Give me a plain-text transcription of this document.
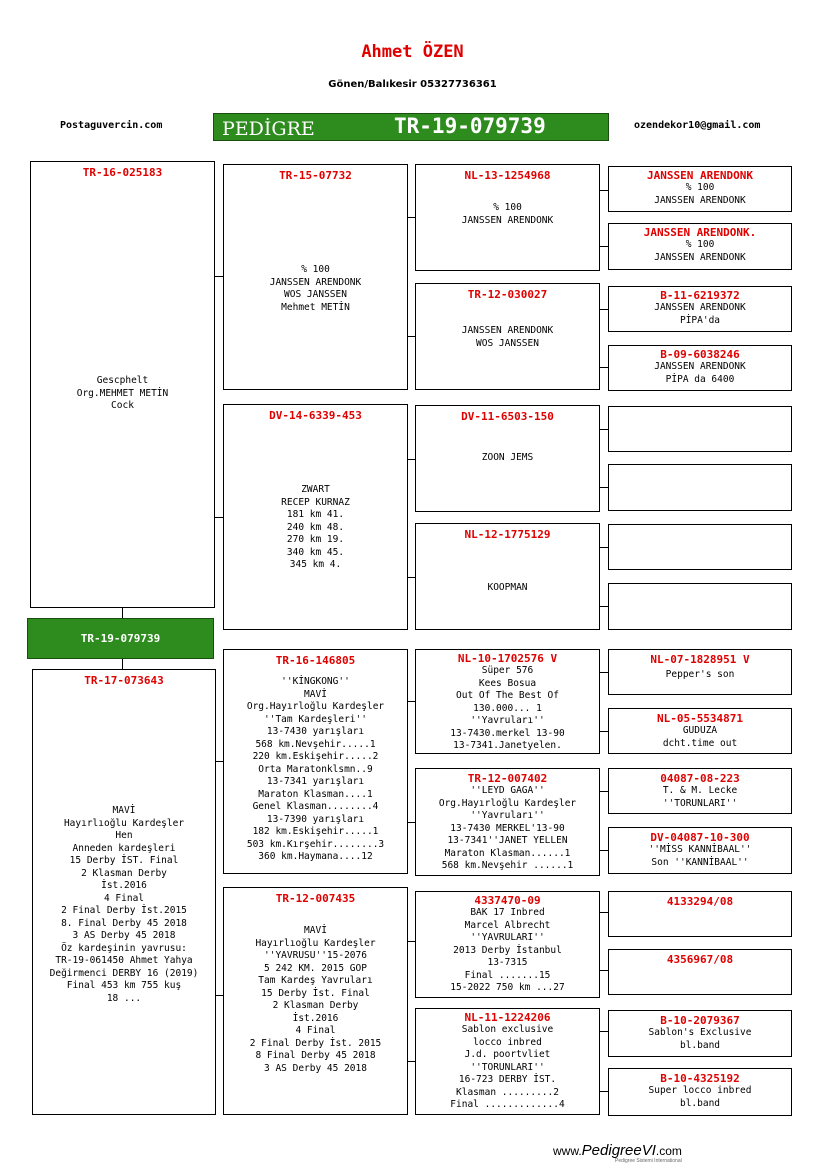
Ahmet ÖZEN
Gönen/Balıkesir 05327736361
Postaguvercin.com	ozendekor10@gmail.com
PEDİGRE	TR-19-079739
TR-16-025183
Gescphelt
Org.MEHMET METİN
Cock
TR-19-079739
TR-17-073643
MAVİ
Hayırlıoğlu Kardeşler
Hen
Anneden kardeşleri
15 Derby İST. Final
2 Klasman Derby
İst.2016
4 Final
2 Final Derby İst.2015
8. Final Derby 45 2018
3 AS Derby 45 2018
Öz kardeşinin yavrusu:
TR-19-061450 Ahmet Yahya
Değirmenci DERBY 16 (2019)
Final 453 km 755 kuş
18 ...
TR-15-07732
% 100
JANSSEN ARENDONK
WOS JANSSEN
Mehmet METİN
DV-14-6339-453
ZWART
RECEP KURNAZ
181 km 41.
240 km 48.
270 km 19.
340 km 45.
345 km 4.
TR-16-146805
''KİNGKONG''
MAVİ
Org.Hayırloğlu Kardeşler
''Tam Kardeşleri''
13-7430 yarışları
568 km.Nevşehir.....1
220 km.Eskişehir.....2
Orta Maratonklsmn..9
13-7341 yarışları
Maraton Klasman....1
Genel Klasman........4
13-7390 yarışları
182 km.Eskişehir.....1
503 km.Kırşehir........3
360 km.Haymana....12
TR-12-007435
MAVİ
Hayırlıoğlu Kardeşler
''YAVRUSU''15-2076
5 242 KM. 2015 GOP
Tam Kardeş Yavruları
15 Derby İst. Final
2 Klasman Derby
İst.2016
4 Final
2 Final Derby İst. 2015
8 Final Derby 45 2018
3 AS Derby 45 2018
NL-13-1254968
% 100
JANSSEN ARENDONK
TR-12-030027
JANSSEN ARENDONK
WOS JANSSEN
DV-11-6503-150
ZOON JEMS
NL-12-1775129
KOOPMAN
NL-10-1702576 V
Süper 576
Kees Bosua
Out Of The Best Of
130.000... 1
''Yavruları''
13-7430.merkel 13-90
13-7341.Janetyelen.
TR-12-007402
''LEYD GAGA''
Org.Hayırloğlu Kardeşler
''Yavruları''
13-7430 MERKEL'13-90
13-7341''JANET YELLEN
Maraton Klasman......1
568 km.Nevşehir ......1
4337470-09
BAK 17 Inbred
Marcel Albrecht
''YAVRULARI''
2013 Derby İstanbul
13-7315
Final .......15
15-2022 750 km ...27
NL-11-1224206
Sablon exclusive
locco inbred
J.d. poortvliet
''TORUNLARI''
16-723 DERBY İST.
Klasman .........2
Final .............4
JANSSEN ARENDONK
% 100
JANSSEN ARENDONK
JANSSEN ARENDONK.
% 100
JANSSEN ARENDONK
B-11-6219372
JANSSEN ARENDONK
PİPA'da
B-09-6038246
JANSSEN ARENDONK
PİPA da 6400
NL-07-1828951 V
Pepper's son
NL-05-5534871
GUDUZA
dcht.time out
04087-08-223
T. & M. Lecke
''TORUNLARI''
DV-04087-10-300
''MİSS KANNİBAAL''
Son ''KANNİBAAL''
4133294/08
4356967/08
B-10-2079367
Sablon's Exclusive
bl.band
B-10-4325192
Super locco inbred
bl.band
www.PedigreeVI.com
Pedigree Sistemi International
